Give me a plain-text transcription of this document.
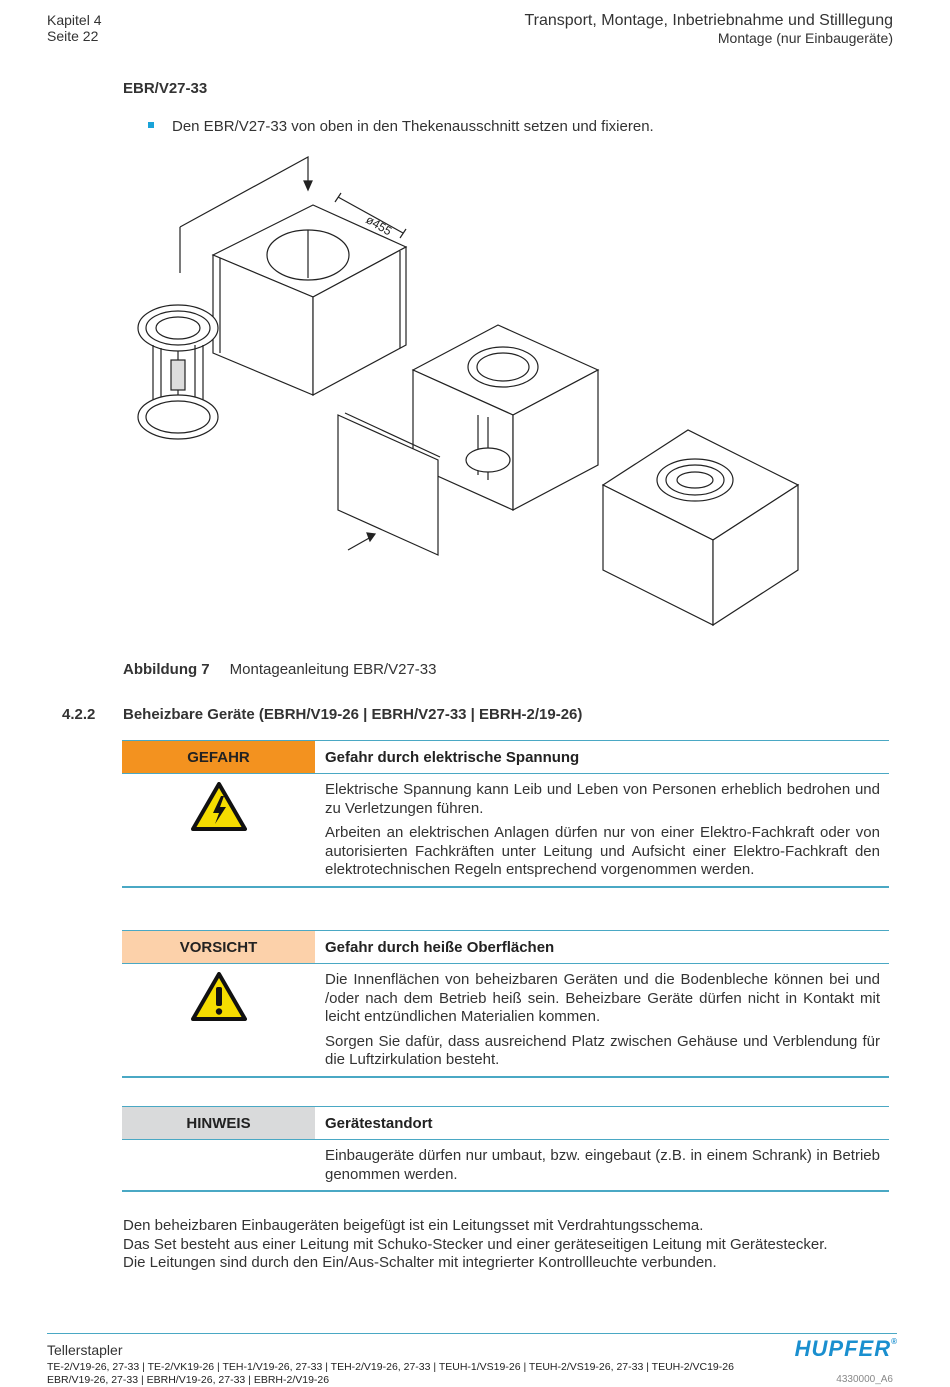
Kapitel 4
Seite 22
Transport, Montage, Inbetriebnahme und Stilllegung
Montage (nur Einbaugeräte)
EBR/V27-33
Den EBR/V27-33 von oben in den Thekenausschnitt setzen und fixieren.
ø455
Abbildung 7 Montageanleitung EBR/V27-33
4.2.2 Beheizbare Geräte (EBRH/V19-26 | EBRH/V27-33 | EBRH-2/19-26)
GEFAHR	Gefahr durch elektrische Spannung

Elektrische Spannung kann Leib und Leben von Personen erheblich bedrohen und zu Verletzungen führen.

Arbeiten an elektrischen Anlagen dürfen nur von einer Elektro-Fachkraft oder von autorisierten Fachkräften unter Leitung und Aufsicht einer Elektro-Fachkraft den elektrotechnischen Regeln entsprechend vorgenommen werden.

VORSICHT	Gefahr durch heiße Oberflächen

Die Innenflächen von beheizbaren Geräten und die Bodenbleche können bei und /oder nach dem Betrieb heiß sein. Beheizbare Geräte dürfen nicht in Kontakt mit leicht entzündlichen Materialien kommen.

Sorgen Sie dafür, dass ausreichend Platz zwischen Gehäuse und Verblendung für die Luftzirkulation besteht.

HINWEIS	Gerätestandort

Einbaugeräte dürfen nur umbaut, bzw. eingebaut (z.B. in einem Schrank) in Betrieb genommen werden.

Den beheizbaren Einbaugeräten beigefügt ist ein Leitungsset mit Verdrahtungsschema.
Das Set besteht aus einer Leitung mit Schuko-Stecker und einer geräteseitigen Leitung mit Gerätestecker.
Die Leitungen sind durch den Ein/Aus-Schalter mit integrierter Kontrollleuchte verbunden.
Tellerstapler	HUPFER®
TE-2/V19-26, 27-33 | TE-2/VK19-26 | TEH-1/V19-26, 27-33 | TEH-2/V19-26, 27-33 | TEUH-1/VS19-26 | TEUH-2/VS19-26, 27-33 | TEUH-2/VC19-26
EBR/V19-26, 27-33 | EBRH/V19-26, 27-33 | EBRH-2/V19-26	4330000_A6
